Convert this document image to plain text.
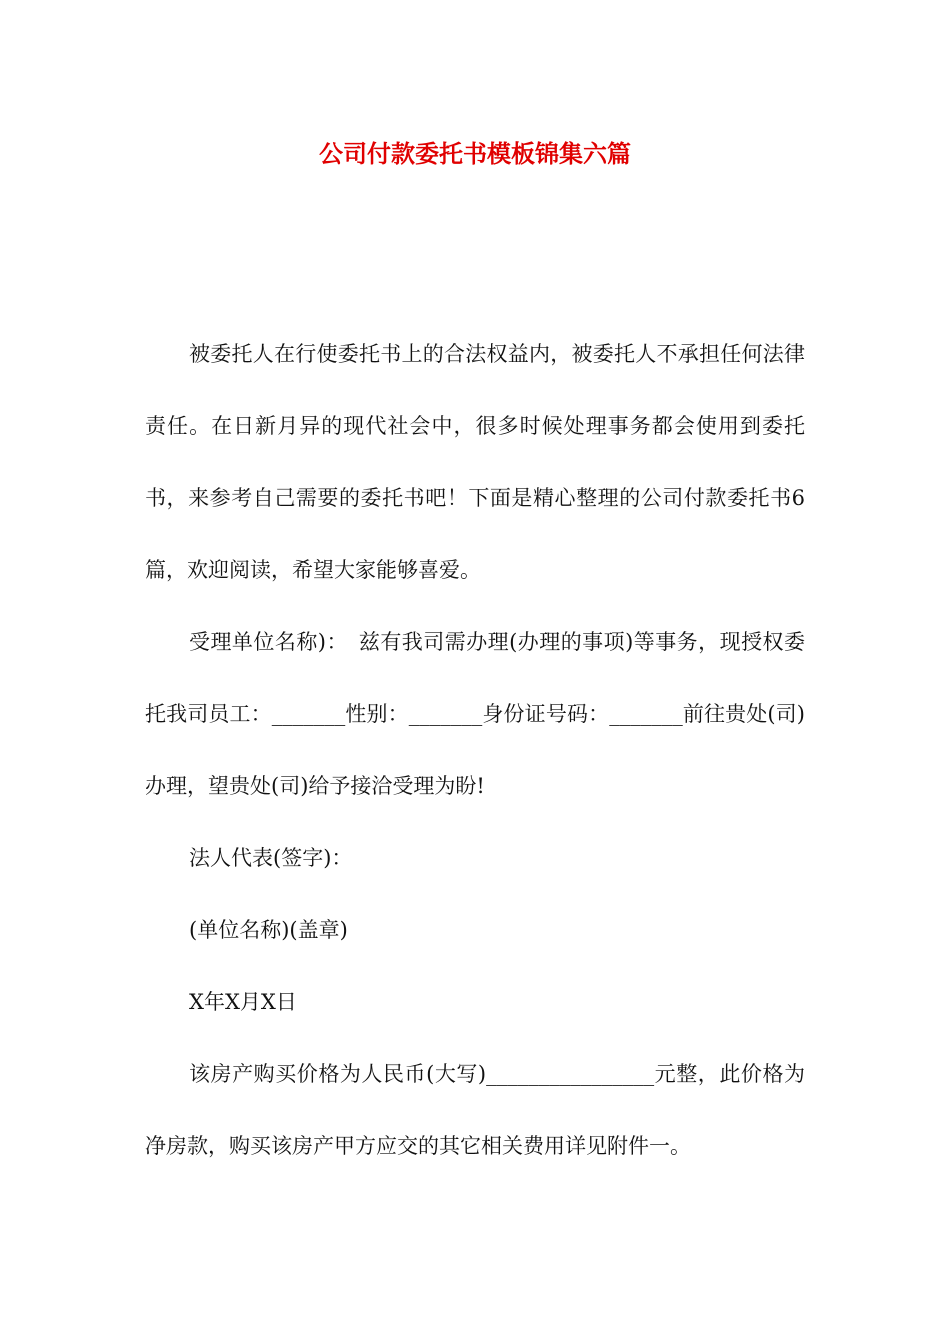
公司付款委托书模板锦集六篇

被委托人在行使委托书上的合法权益内，被委托人不承担任何法律责任。在日新月异的现代社会中，很多时候处理事务都会使用到委托书，来参考自己需要的委托书吧！下面是精心整理的公司付款委托书6篇，欢迎阅读，希望大家能够喜爱。

受理单位名称)：　兹有我司需办理(办理的事项)等事务，现授权委托我司员工：_______性别：_______身份证号码：_______前往贵处(司)办理，望贵处(司)给予接洽受理为盼!

法人代表(签字)：

(单位名称)(盖章)

X年X月X日

该房产购买价格为人民币(大写)________________元整，此价格为净房款，购买该房产甲方应交的其它相关费用详见附件一。
